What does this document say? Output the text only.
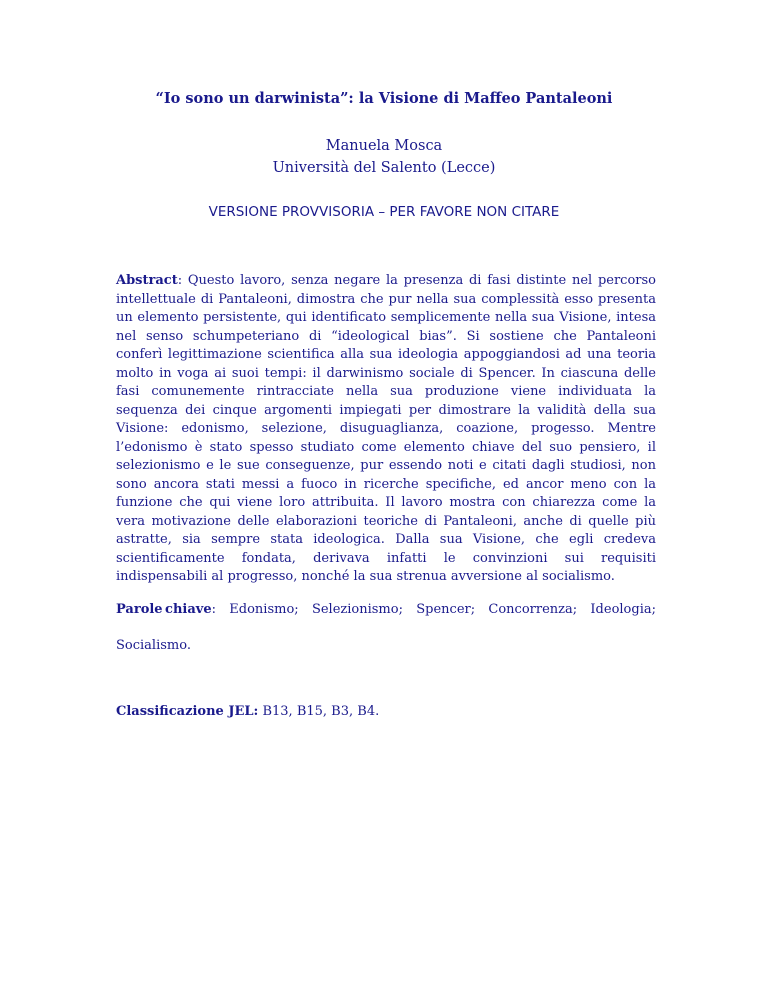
“Io sono un darwinista”: la Visione di Maffeo Pantaleoni
Manuela Mosca
Università del Salento (Lecce)
VERSIONE PROVVISORIA – PER FAVORE NON CITARE

Abstract: Questo lavoro, senza negare la presenza di fasi distinte nel percorso intellettuale di Pantaleoni, dimostra che pur nella sua complessità esso presenta un elemento persistente, qui identificato semplicemente nella sua Visione, intesa nel senso schumpeteriano di “ideological bias”. Si sostiene che Pantaleoni conferì legittimazione scientifica alla sua ideologia appoggiandosi ad una teoria molto in voga ai suoi tempi: il darwinismo sociale di Spencer. In ciascuna delle fasi comunemente rintracciate nella sua produzione viene individuata la sequenza dei cinque argomenti impiegati per dimostrare la validità della sua Visione: edonismo, selezione, disuguaglianza, coazione, progesso. Mentre l’edonismo è stato spesso studiato come elemento chiave del suo pensiero, il selezionismo e le sue conseguenze, pur essendo noti e citati dagli studiosi, non sono ancora stati messi a fuoco in ricerche specifiche, ed ancor meno con la funzione che qui viene loro attribuita. Il lavoro mostra con chiarezza come la vera motivazione delle elaborazioni teoriche di Pantaleoni, anche di quelle più astratte, sia sempre stata ideologica. Dalla sua Visione, che egli credeva scientificamente fondata, derivava infatti le convinzioni sui requisiti indispensabili al progresso, nonché la sua strenua avversione al socialismo.

Parole chiave: Edonismo; Selezionismo; Spencer; Concorrenza; Ideologia;
Socialismo.

Classificazione JEL: B13, B15, B3, B4.
